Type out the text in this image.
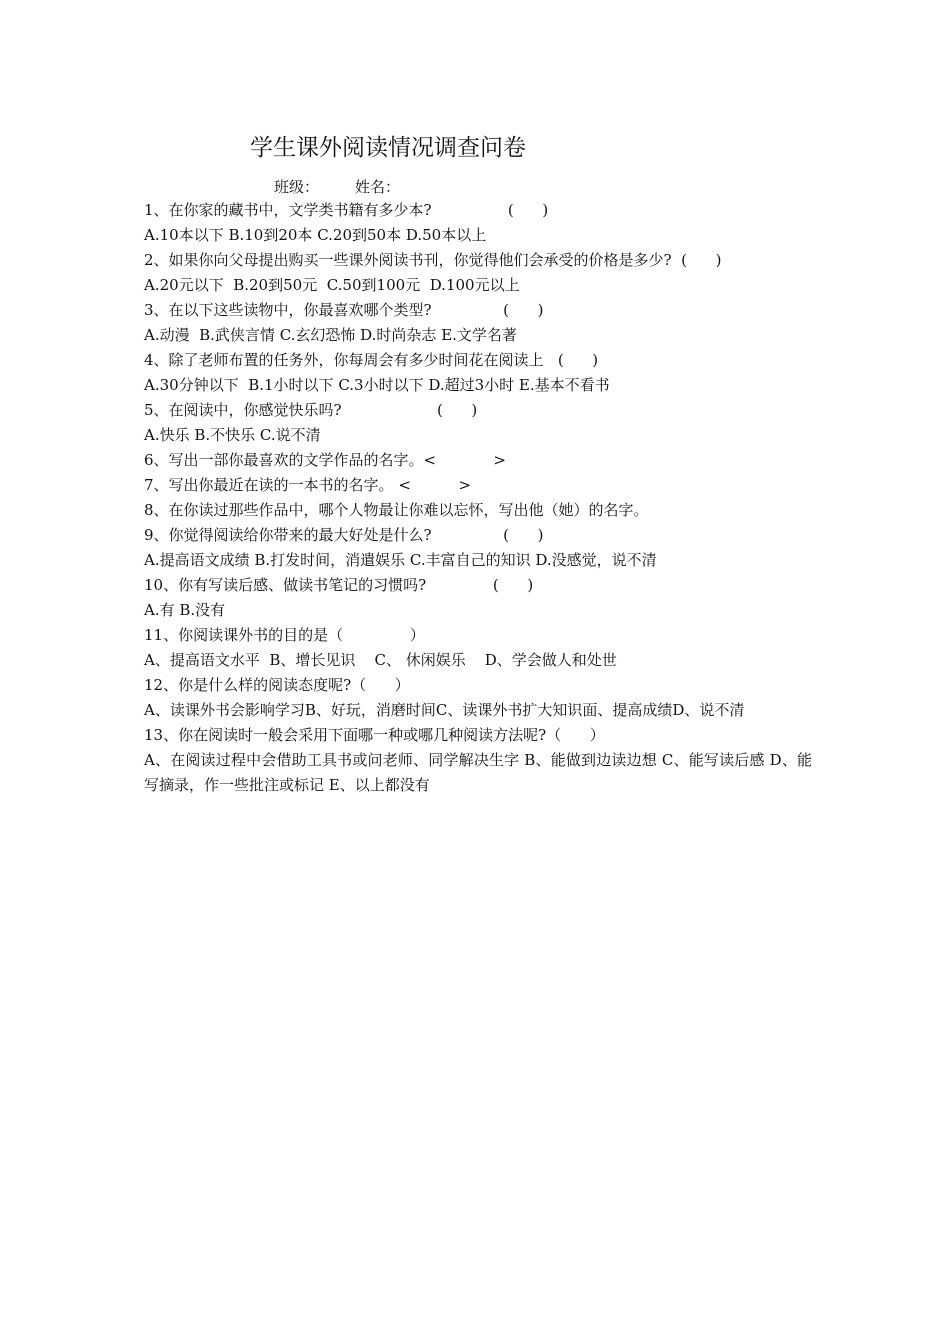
学生课外阅读情况调查问卷
班级： 姓名：
1、在你家的藏书中，文学类书籍有多少本?                (      )
A.10本以下 B.10到20本 C.20到50本 D.50本以上
2、如果你向父母提出购买一些课外阅读书刊，你觉得他们会承受的价格是多少?  (      )
A.20元以下  B.20到50元  C.50到100元  D.100元以上
3、在以下这些读物中，你最喜欢哪个类型?               (      )
A.动漫  B.武侠言情 C.玄幻恐怖 D.时尚杂志 E.文学名著
4、除了老师布置的任务外，你每周会有多少时间花在阅读上   (      )
A.30分钟以下  B.1小时以下 C.3小时以下 D.超过3小时 E.基本不看书
5、在阅读中，你感觉快乐吗?                    (      )
A.快乐 B.不快乐 C.说不清
6、写出一部你最喜欢的文学作品的名字。<            >
7、写出你最近在读的一本书的名字。 <          >
8、在你读过那些作品中，哪个人物最让你难以忘怀，写出他（她）的名字。
9、你觉得阅读给你带来的最大好处是什么?               (      )
A.提高语文成绩 B.打发时间，消遣娱乐 C.丰富自己的知识 D.没感觉，说不清
10、你有写读后感、做读书笔记的习惯吗?              (      )
A.有 B.没有
11、你阅读课外书的目的是（              ）
A、提高语文水平  B、增长见识    C、 休闲娱乐    D、学会做人和处世
12、你是什么样的阅读态度呢?（      ）
A、读课外书会影响学习B、好玩，消磨时间C、读课外书扩大知识面、提高成绩D、说不清
13、你在阅读时一般会采用下面哪一种或哪几种阅读方法呢?（      ）
A、在阅读过程中会借助工具书或问老师、同学解决生字 B、能做到边读边想 C、能写读后感 D、能写摘录，作一些批注或标记 E、以上都没有
